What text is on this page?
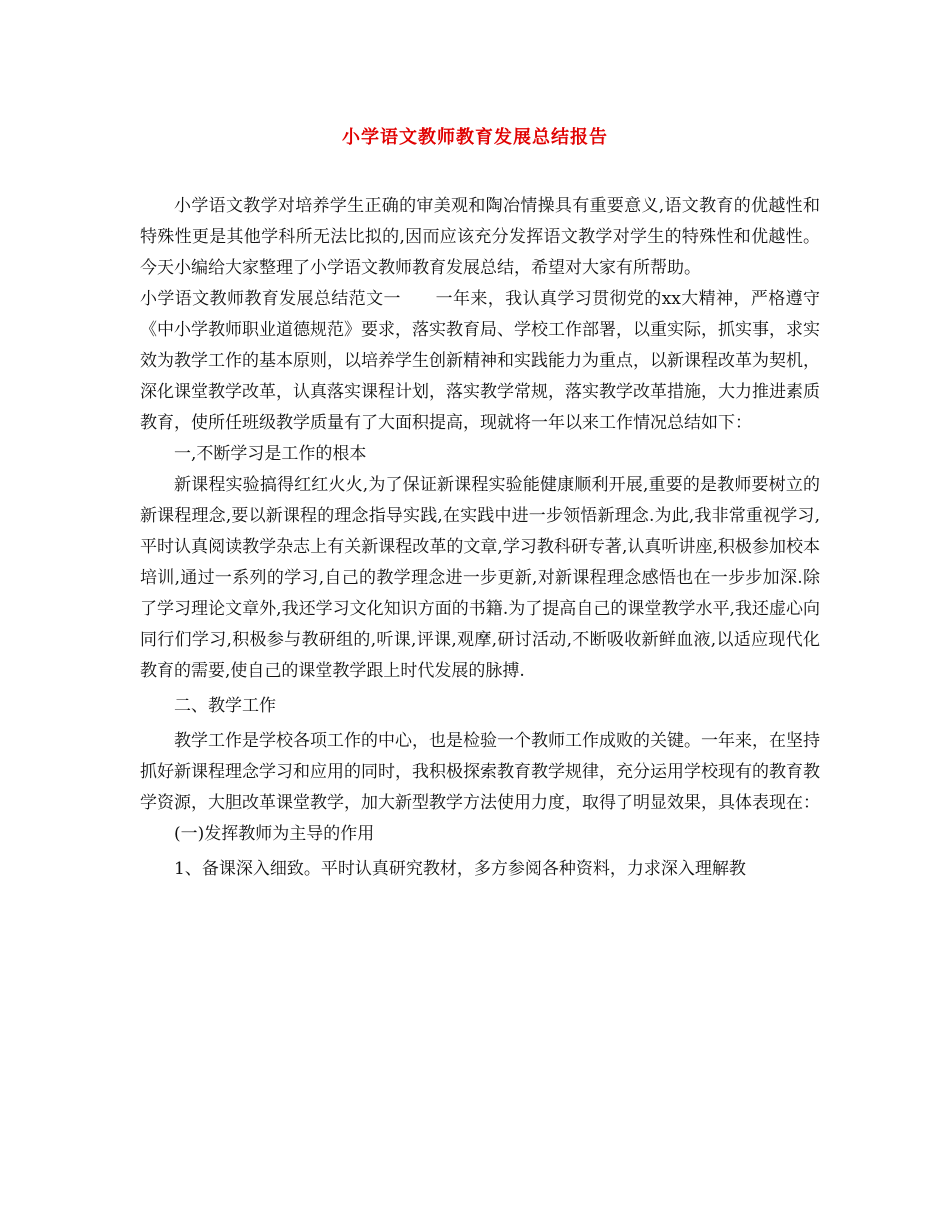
小学语文教师教育发展总结报告

小学语文教学对培养学生正确的审美观和陶冶情操具有重要意义,语文教育的优越性和特殊性更是其他学科所无法比拟的,因而应该充分发挥语文教学对学生的特殊性和优越性。今天小编给大家整理了小学语文教师教育发展总结，希望对大家有所帮助。

小学语文教师教育发展总结范文一　　一年来，我认真学习贯彻党的xx大精神，严格遵守《中小学教师职业道德规范》要求，落实教育局、学校工作部署，以重实际，抓实事，求实效为教学工作的基本原则，以培养学生创新精神和实践能力为重点，以新课程改革为契机，深化课堂教学改革，认真落实课程计划，落实教学常规，落实教学改革措施，大力推进素质教育，使所任班级教学质量有了大面积提高，现就将一年以来工作情况总结如下：

一,不断学习是工作的根本

新课程实验搞得红红火火,为了保证新课程实验能健康顺利开展,重要的是教师要树立的新课程理念,要以新课程的理念指导实践,在实践中进一步领悟新理念.为此,我非常重视学习,平时认真阅读教学杂志上有关新课程改革的文章,学习教科研专著,认真听讲座,积极参加校本培训,通过一系列的学习,自己的教学理念进一步更新,对新课程理念感悟也在一步步加深.除了学习理论文章外,我还学习文化知识方面的书籍.为了提高自己的课堂教学水平,我还虚心向同行们学习,积极参与教研组的,听课,评课,观摩,研讨活动,不断吸收新鲜血液,以适应现代化教育的需要,使自己的课堂教学跟上时代发展的脉搏.

二、教学工作

教学工作是学校各项工作的中心，也是检验一个教师工作成败的关键。一年来，在坚持抓好新课程理念学习和应用的同时，我积极探索教育教学规律，充分运用学校现有的教育教学资源，大胆改革课堂教学，加大新型教学方法使用力度，取得了明显效果，具体表现在：

(一)发挥教师为主导的作用

1、备课深入细致。平时认真研究教材，多方参阅各种资料，力求深入理解教
